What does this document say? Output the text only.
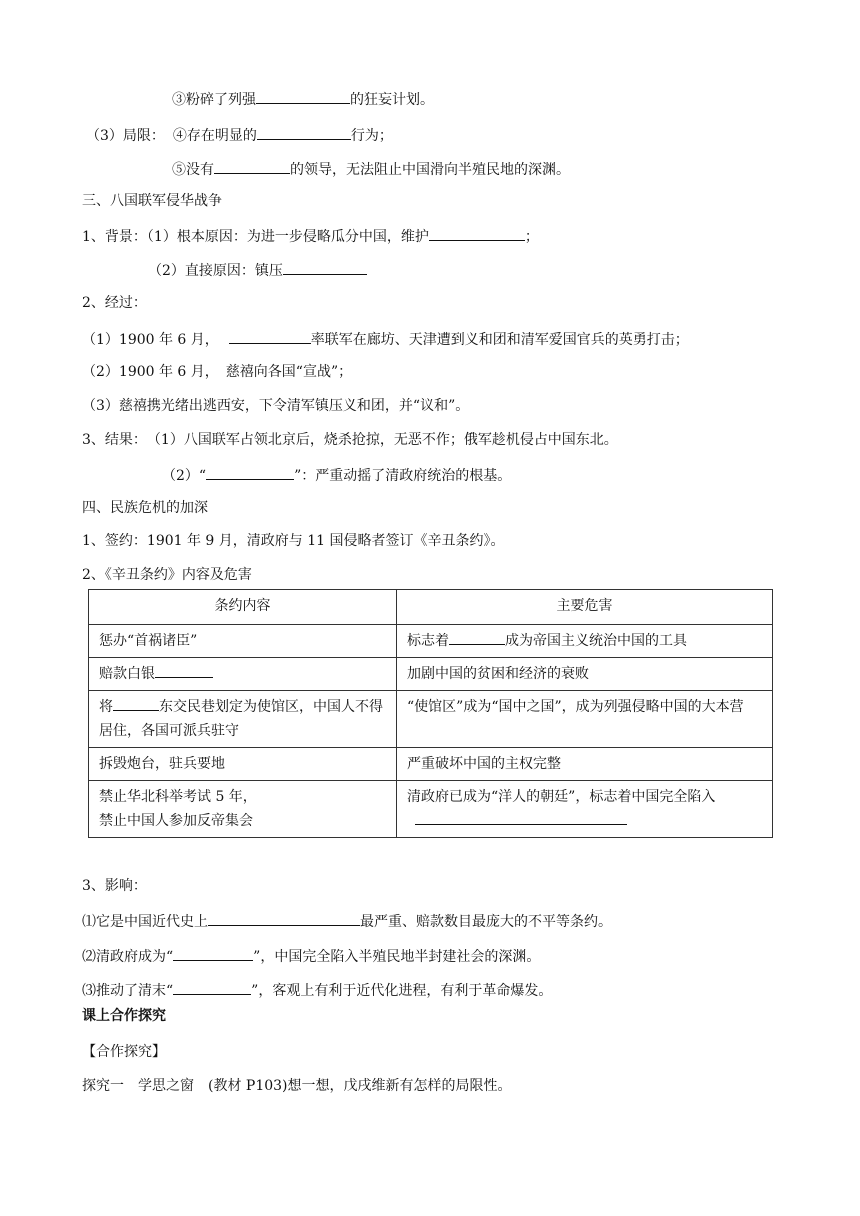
③粉碎了列强	的狂妄计划。
（3）局限： ④存在明显的	行为；
⑤没有	的领导，无法阻止中国滑向半殖民地的深渊。
三、八国联军侵华战争
1、背景：（1）根本原因：为进一步侵略瓜分中国，维护	；
（2）直接原因：镇压
2、经过：
（1）1900 年 6 月，	率联军在廊坊、天津遭到义和团和清军爱国官兵的英勇打击；
（2）1900 年 6 月，　慈禧向各国“宣战”；
（3）慈禧携光绪出逃西安，下令清军镇压义和团，并“议和”。
3、结果：　（1）八国联军占领北京后，烧杀抢掠，无恶不作；俄军趁机侵占中国东北。
（2）“	”：严重动摇了清政府统治的根基。
四、民族危机的加深
1、签约：1901 年 9 月，清政府与 11 国侵略者签订《辛丑条约》。
2、《辛丑条约》内容及危害
条约内容	主要危害
惩办“首祸诸臣”	标志着 成为帝国主义统治中国的工具
赔款白银	加剧中国的贫困和经济的衰败
将 东交民巷划定为使馆区，中国人不得居住，各国可派兵驻守	“使馆区”成为“国中之国”，成为列强侵略中国的大本营
拆毁炮台，驻兵要地	严重破坏中国的主权完整

禁止华北科举考试 5 年，
禁止中国人参加反帝集会	清政府已成为“洋人的朝廷”，标志着中国完全陷入
3、影响：
⑴它是中国近代史上	最严重、赔款数目最庞大的不平等条约。
⑵清政府成为“	”，中国完全陷入半殖民地半封建社会的深渊。
⑶推动了清末“	”，客观上有利于近代化进程，有利于革命爆发。
课上合作探究
【合作探究】
探究一　学思之窗　(教材 P103)想一想，戊戌维新有怎样的局限性。
